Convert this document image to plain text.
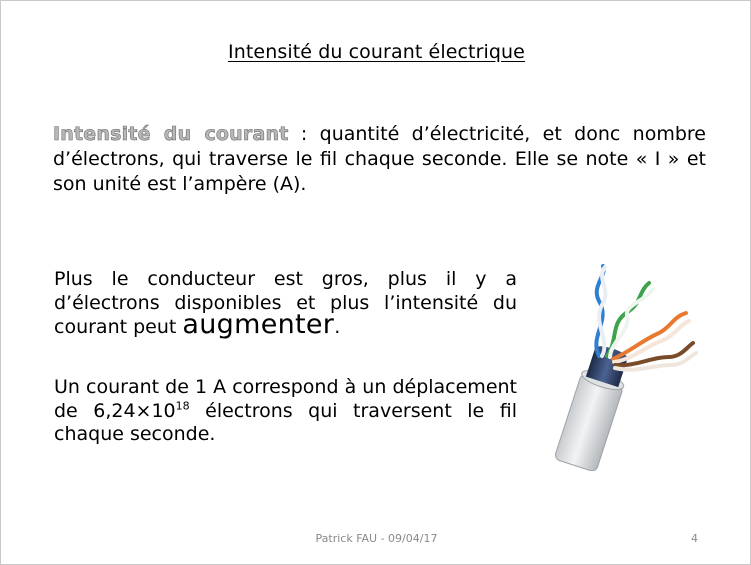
Intensité du courant électrique
Intensité du courant : quantité d’électricité, et donc nombre d’électrons, qui traverse le fil chaque seconde. Elle se note « I » et son unité est l’ampère (A).
Plus le conducteur est gros, plus il y a d’électrons disponibles et plus l’intensité du courant peut augmenter.
Un courant de 1 A correspond à un déplacement de $6,24\times 10^{18}$ électrons qui traversent le fil chaque seconde.
Patrick FAU - 09/04/17	4
